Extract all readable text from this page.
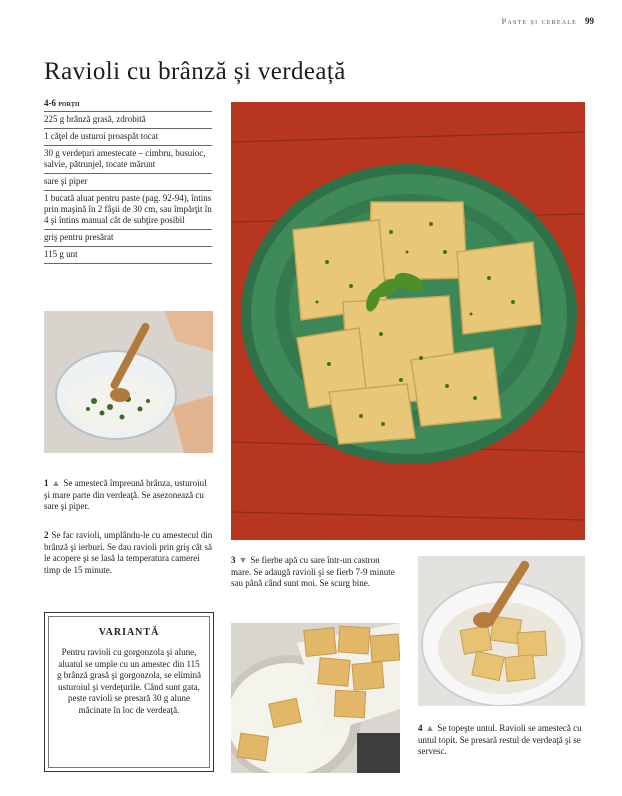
Paste și cereale 99
Ravioli cu brânză și verdeață
4-6 porții
225 g brânză grasă, zdrobită
1 căţel de usturoi proaspăt tocat
30 g verdeţuri amestecate – cimbru, busuioc, salvie, pătrunjel, tocate mărunt
sare şi piper
1 bucată aluat pentru paste (pag. 92-94), întins prin maşină în 2 fâşii de 30 cm, sau împărţit în 4 şi întins manual cât de subţire posibil
griş pentru presărat
115 g unt
1 ▲ Se amestecă împreună brânza, usturoiul şi mare parte din verdeaţă. Se asezonează cu sare şi piper.
2 Se fac ravioli, umplându-le cu amestecul din brânză şi ierburi. Se dau ravioli prin griş cât să le acopere şi se lasă la temperatura camerei timp de 15 minute.
3 ▼ Se fierbe apă cu sare într-un castron mare. Se adaugă ravioli şi se fierb 7-9 minute sau până când sunt moi. Se scurg bine.
4 ▲ Se topeşte untul. Ravioli se amestecă cu untul topit. Se presară restul de verdeaţă şi se servesc.
VARIANTĂ
Pentru ravioli cu gorgonzola şi alune, aluatul se umple cu un amestec din 115 g brânză grasă şi gorgonzola, se elimină usturoiul şi verdeţurile. Când sunt gata, peste ravioli se presară 30 g alune măcinate în loc de verdeaţă.
